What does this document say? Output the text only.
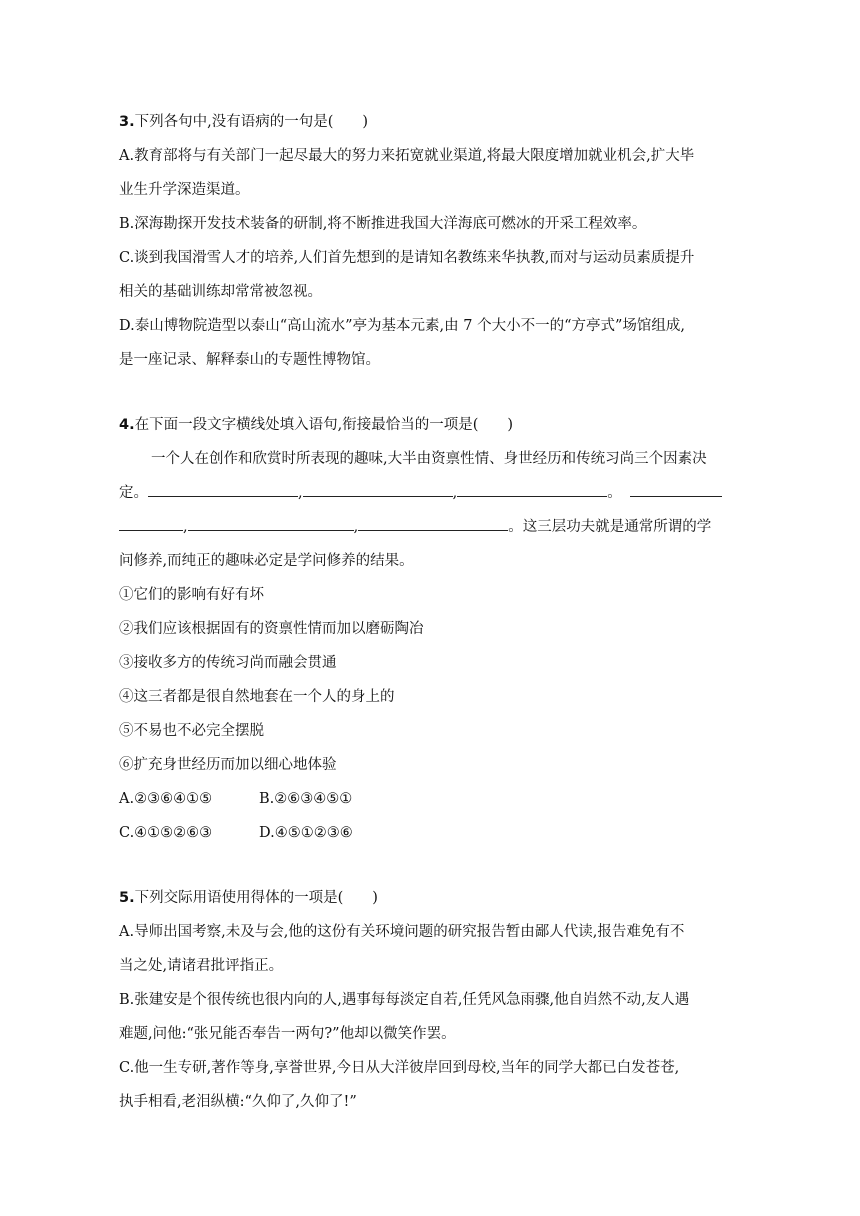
3.下列各句中,没有语病的一句是(　　)
A.教育部将与有关部门一起尽最大的努力来拓宽就业渠道,将最大限度增加就业机会,扩大毕
业生升学深造渠道。
B.深海勘探开发技术装备的研制,将不断推进我国大洋海底可燃冰的开采工程效率。
C.谈到我国滑雪人才的培养,人们首先想到的是请知名教练来华执教,而对与运动员素质提升
相关的基础训练却常常被忽视。
D.泰山博物院造型以泰山“高山流水”亭为基本元素,由 7 个大小不一的“方亭式”场馆组成,
是一座记录、解释泰山的专题性博物馆。
4.在下面一段文字横线处填入语句,衔接最恰当的一项是(　　)
一个人在创作和欣赏时所表现的趣味,大半由资禀性情、身世经历和传统习尚三个因素决
定。	,	,	。
,	,	。这三层功夫就是通常所谓的学
问修养,而纯正的趣味必定是学问修养的结果。
①它们的影响有好有坏
②我们应该根据固有的资禀性情而加以磨砺陶冶
③接收多方的传统习尚而融会贯通
④这三者都是很自然地套在一个人的身上的
⑤不易也不必完全摆脱
⑥扩充身世经历而加以细心地体验
A.②③⑥④①⑤	B.②⑥③④⑤①
C.④①⑤②⑥③	D.④⑤①②③⑥
5.下列交际用语使用得体的一项是(　　)
A.导师出国考察,未及与会,他的这份有关环境问题的研究报告暂由鄙人代读,报告难免有不
当之处,请诸君批评指正。
B.张建安是个很传统也很内向的人,遇事每每淡定自若,任凭风急雨骤,他自岿然不动,友人遇
难题,问他:“张兄能否奉告一两句?”他却以微笑作罢。
C.他一生专研,著作等身,享誉世界,今日从大洋彼岸回到母校,当年的同学大都已白发苍苍,
执手相看,老泪纵横:“久仰了,久仰了!”
